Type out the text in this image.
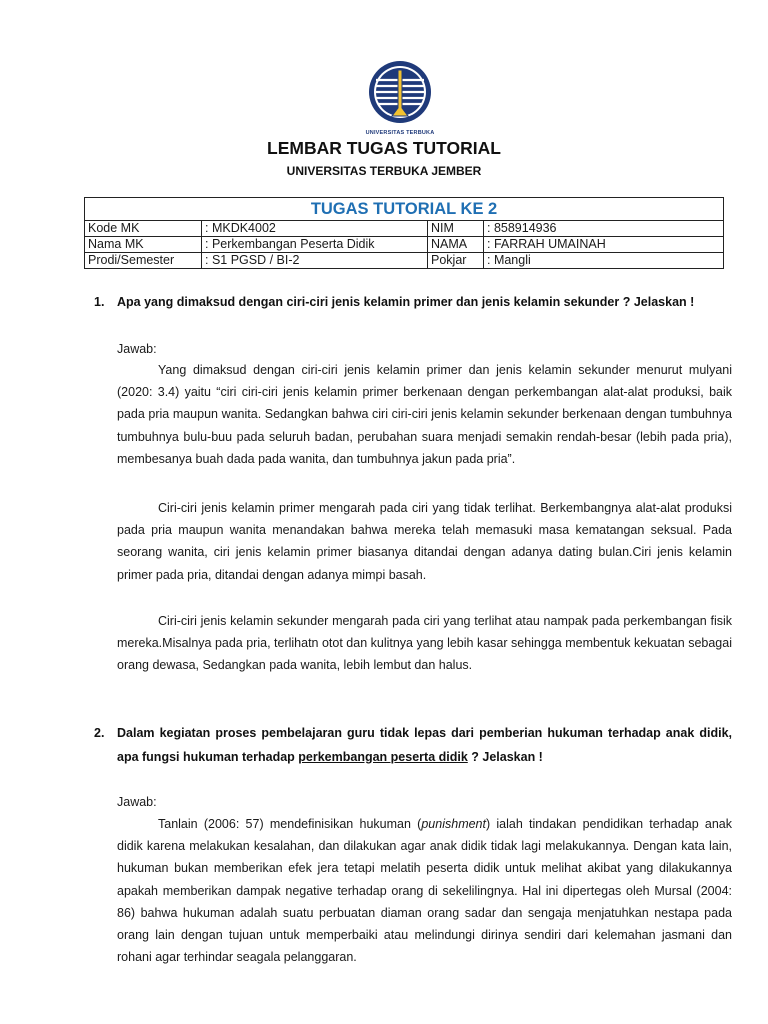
UNIVERSITAS TERBUKA
LEMBAR TUGAS TUTORIAL
UNIVERSITAS TERBUKA JEMBER
TUGAS TUTORIAL KE 2			
Kode MK	: MKDK4002	NIM	: 858914936
Nama MK	: Perkembangan Peserta Didik	NAMA	: FARRAH UMAINAH
Prodi/Semester	: S1 PGSD / BI-2	Pokjar	: Mangli
1. Apa yang dimaksud dengan ciri-ciri jenis kelamin primer dan jenis kelamin sekunder ? Jelaskan !
Jawab:
Yang dimaksud dengan ciri-ciri jenis kelamin primer dan jenis kelamin sekunder menurut mulyani (2020: 3.4) yaitu “ciri ciri-ciri jenis kelamin primer berkenaan dengan perkembangan alat-alat produksi, baik pada pria maupun wanita. Sedangkan bahwa ciri ciri-ciri jenis kelamin sekunder berkenaan dengan tumbuhnya tumbuhnya bulu-buu pada seluruh badan, perubahan suara menjadi semakin rendah-besar (lebih pada pria), membesanya buah dada pada wanita, dan tumbuhnya jakun pada pria”.
Ciri-ciri jenis kelamin primer mengarah pada ciri yang tidak terlihat. Berkembangnya alat-alat produksi pada pria maupun wanita menandakan bahwa mereka telah memasuki masa kematangan seksual. Pada seorang wanita, ciri jenis kelamin primer biasanya ditandai dengan adanya dating bulan.Ciri jenis kelamin primer pada pria, ditandai dengan adanya mimpi basah.
Ciri-ciri jenis kelamin sekunder mengarah pada ciri yang terlihat atau nampak pada perkembangan fisik mereka.Misalnya pada pria, terlihatn otot dan kulitnya yang lebih kasar sehingga membentuk kekuatan sebagai orang dewasa, Sedangkan pada wanita, lebih lembut dan halus.
2. Dalam kegiatan proses pembelajaran guru tidak lepas dari pemberian hukuman terhadap anak didik, apa fungsi hukuman terhadap perkembangan peserta didik ? Jelaskan !
Jawab:
Tanlain (2006: 57) mendefinisikan hukuman (punishment) ialah tindakan pendidikan terhadap anak didik karena melakukan kesalahan, dan dilakukan agar anak didik tidak lagi melakukannya. Dengan kata lain, hukuman bukan memberikan efek jera tetapi melatih peserta didik untuk melihat akibat yang dilakukannya apakah memberikan dampak negative terhadap orang di sekelilingnya. Hal ini dipertegas oleh Mursal (2004: 86) bahwa hukuman adalah suatu perbuatan diaman orang sadar dan sengaja menjatuhkan nestapa pada orang lain dengan tujuan untuk memperbaiki atau melindungi dirinya sendiri dari kelemahan jasmani dan rohani agar terhindar seagala pelanggaran.
